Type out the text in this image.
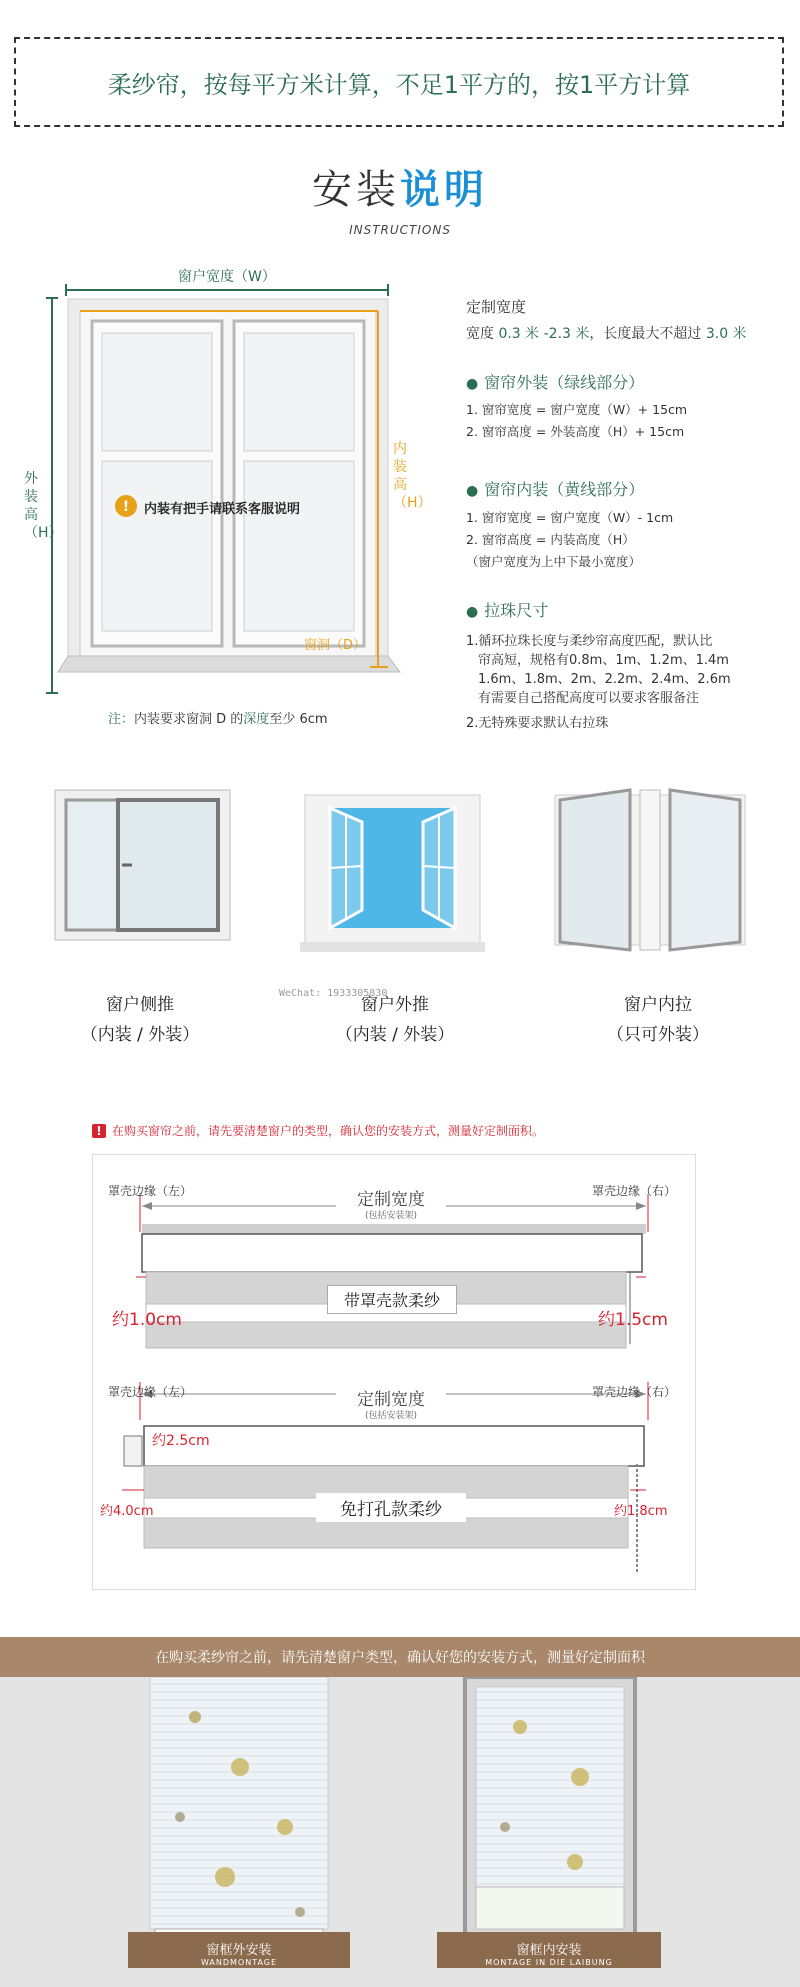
柔纱帘，按每平方米计算，不足1平方的，按1平方计算
安装说明
INSTRUCTIONS
!
窗户宽度（W）
外装高（H）
内装高（H）
窗洞（D）
内装有把手请联系客服说明
注：内装要求窗洞 D 的深度至少 6cm
定制宽度
宽度 0.3 米 -2.3 米，长度最大不超过 3.0 米
● 窗帘外装（绿线部分）
1. 窗帘宽度 = 窗户宽度（W）+ 15cm
2. 窗帘高度 = 外装高度（H）+ 15cm
● 窗帘内装（黄线部分）
1. 窗帘宽度 = 窗户宽度（W）- 1cm
2. 窗帘高度 = 内装高度（H）
（窗户宽度为上中下最小宽度）
● 拉珠尺寸
1.循环拉珠长度与柔纱帘高度匹配，默认比
帘高短，规格有0.8m、1m、1.2m、1.4m
1.6m、1.8m、2m、2.2m、2.4m、2.6m
有需要自己搭配高度可以要求客服备注
2.无特殊要求默认右拉珠
窗户侧推
（内装 / 外装）
窗户外推
（内装 / 外装）
窗户内拉
（只可外装）
WeChat: 1933305830
! 在购买窗帘之前，请先要清楚窗户的类型，确认您的安装方式，测量好定制面积。
罩壳边缘（左）	罩壳边缘（右）
定制宽度
(包括安装架)
带罩壳款柔纱
约1.0cm	约1.5cm
罩壳边缘（左）	罩壳边缘（右）
定制宽度
(包括安装架)
约2.5cm
免打孔款柔纱
约4.0cm	约1.8cm
在购买柔纱帘之前，请先清楚窗户类型，确认好您的安装方式，测量好定制面积
窗框外安装
WANDMONTAGE
窗框内安装
MONTAGE IN DIE LAIBUNG
